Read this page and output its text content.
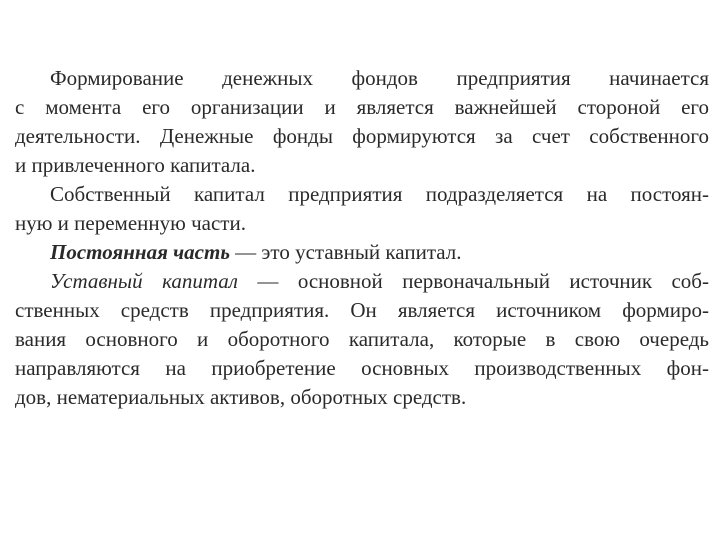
Формирование денежных фондов предприятия начинается
с момента его организации и является важнейшей стороной его
деятельности. Денежные фонды формируются за счет собственного
и привлеченного капитала.
Собственный капитал предприятия подразделяется на постоян-
ную и переменную части.
Постоянная часть — это уставный капитал.
Уставный капитал — основной первоначальный источник соб-
ственных средств предприятия. Он является источником формиро-
вания основного и оборотного капитала, которые в свою очередь
направляются на приобретение основных производственных фон-
дов, нематериальных активов, оборотных средств.
